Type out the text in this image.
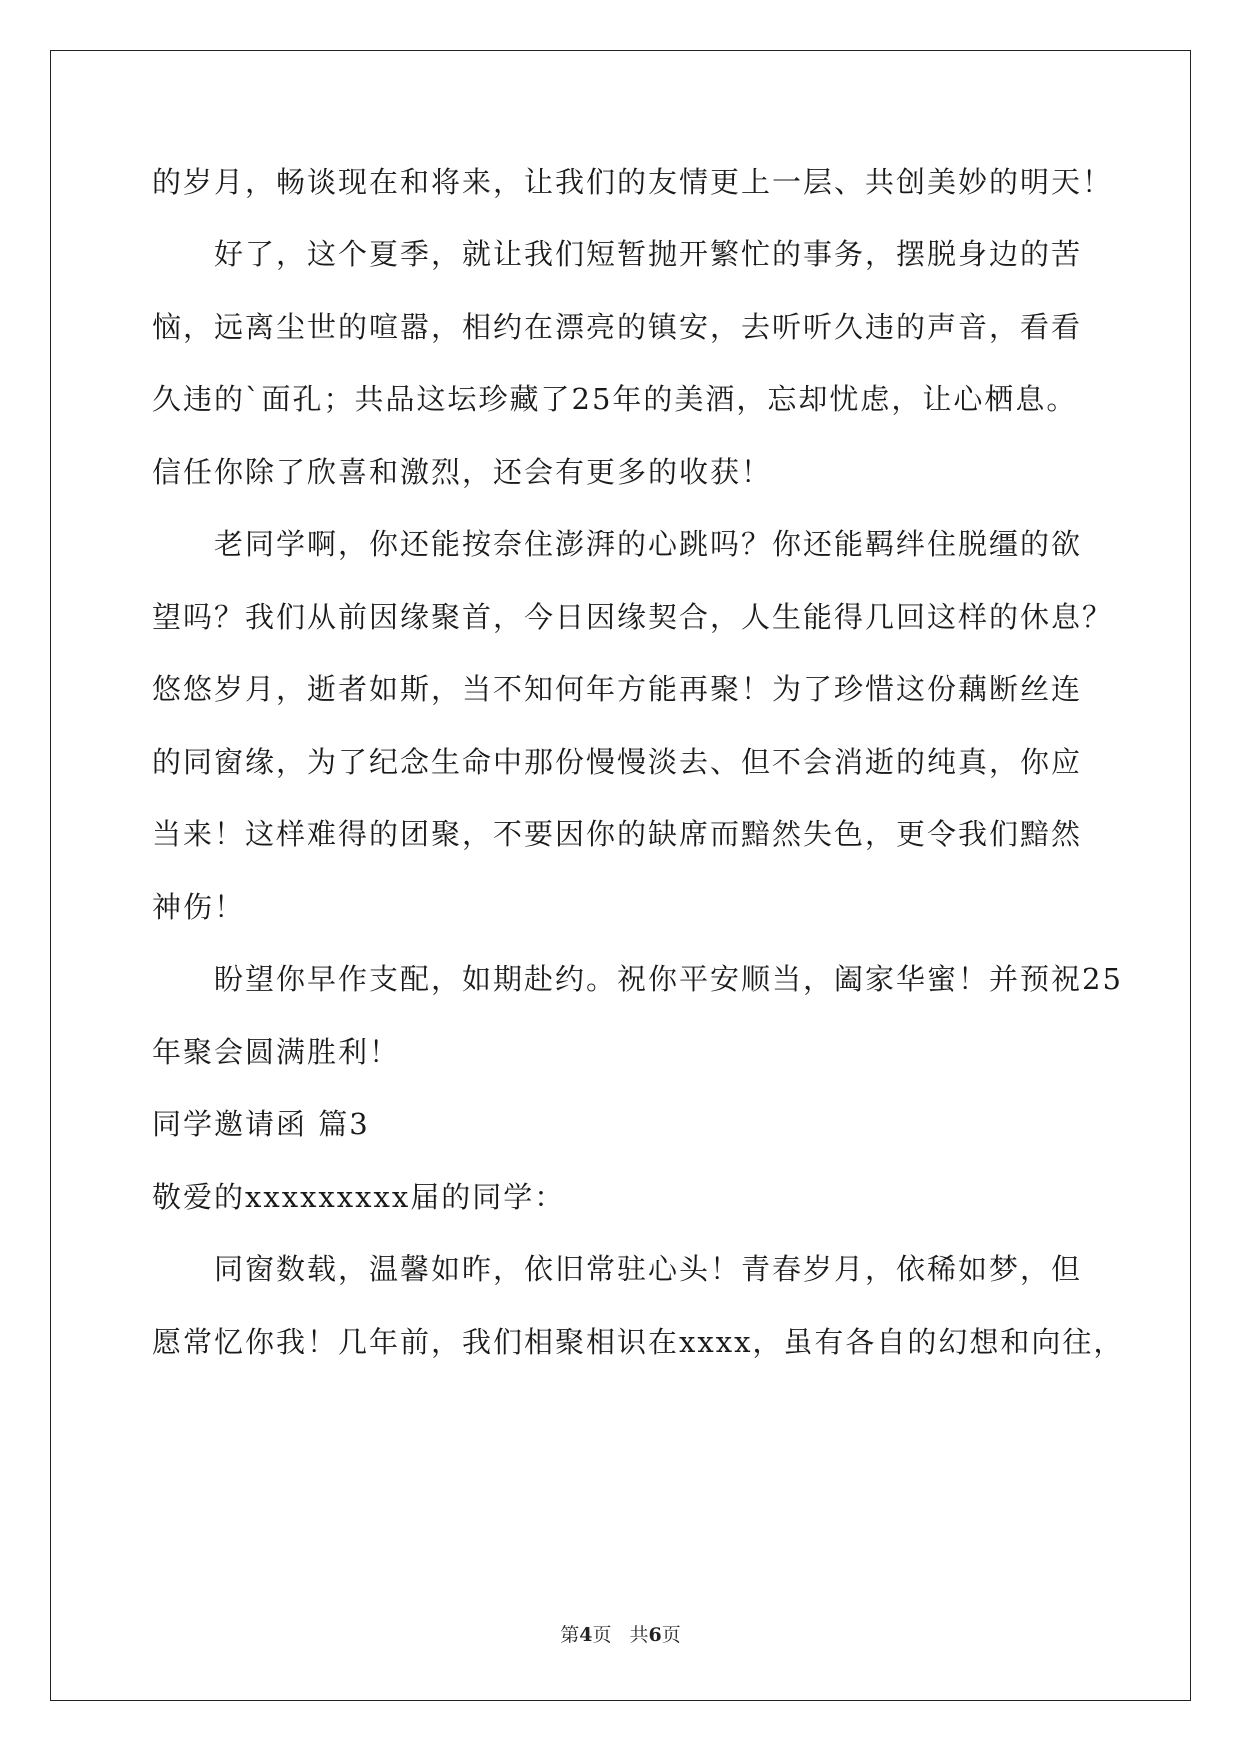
的岁月，畅谈现在和将来，让我们的友情更上一层、共创美妙的明天！
好了，这个夏季，就让我们短暂抛开繁忙的事务，摆脱身边的苦
恼，远离尘世的喧嚣，相约在漂亮的镇安，去听听久违的声音，看看
久违的`面孔；共品这坛珍藏了25年的美酒，忘却忧虑，让心栖息。
信任你除了欣喜和激烈，还会有更多的收获！
老同学啊，你还能按奈住澎湃的心跳吗？你还能羁绊住脱缰的欲
望吗？我们从前因缘聚首，今日因缘契合，人生能得几回这样的休息？
悠悠岁月，逝者如斯，当不知何年方能再聚！为了珍惜这份藕断丝连
的同窗缘，为了纪念生命中那份慢慢淡去、但不会消逝的纯真，你应
当来！这样难得的团聚，不要因你的缺席而黯然失色，更令我们黯然
神伤！
盼望你早作支配，如期赴约。祝你平安顺当，阖家华蜜！并预祝25
年聚会圆满胜利！
同学邀请函 篇3
敬爱的xxxxxxxxx届的同学：
同窗数载，温馨如昨，依旧常驻心头！青春岁月，依稀如梦，但
愿常忆你我！几年前，我们相聚相识在xxxx，虽有各自的幻想和向往，
第4页 共6页
